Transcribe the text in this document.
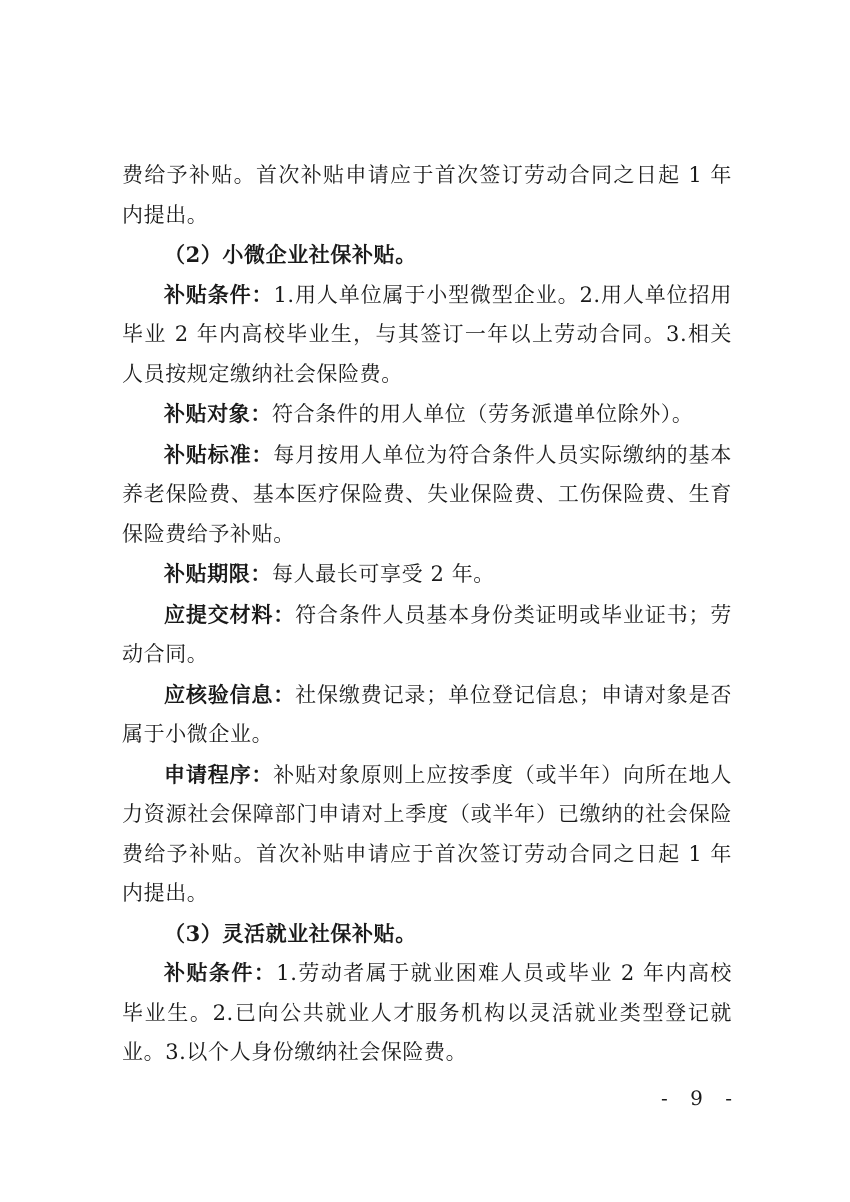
费给予补贴。首次补贴申请应于首次签订劳动合同之日起 1 年内提出。

（2）小微企业社保补贴。

补贴条件：1.用人单位属于小型微型企业。2.用人单位招用毕业 2 年内高校毕业生，与其签订一年以上劳动合同。3.相关人员按规定缴纳社会保险费。

补贴对象：符合条件的用人单位（劳务派遣单位除外）。

补贴标准：每月按用人单位为符合条件人员实际缴纳的基本养老保险费、基本医疗保险费、失业保险费、工伤保险费、生育保险费给予补贴。

补贴期限：每人最长可享受 2 年。

应提交材料：符合条件人员基本身份类证明或毕业证书；劳动合同。

应核验信息：社保缴费记录；单位登记信息；申请对象是否属于小微企业。

申请程序：补贴对象原则上应按季度（或半年）向所在地人力资源社会保障部门申请对上季度（或半年）已缴纳的社会保险费给予补贴。首次补贴申请应于首次签订劳动合同之日起 1 年内提出。

（3）灵活就业社保补贴。

补贴条件：1.劳动者属于就业困难人员或毕业 2 年内高校毕业生。2.已向公共就业人才服务机构以灵活就业类型登记就业。3.以个人身份缴纳社会保险费。

- 9 -
